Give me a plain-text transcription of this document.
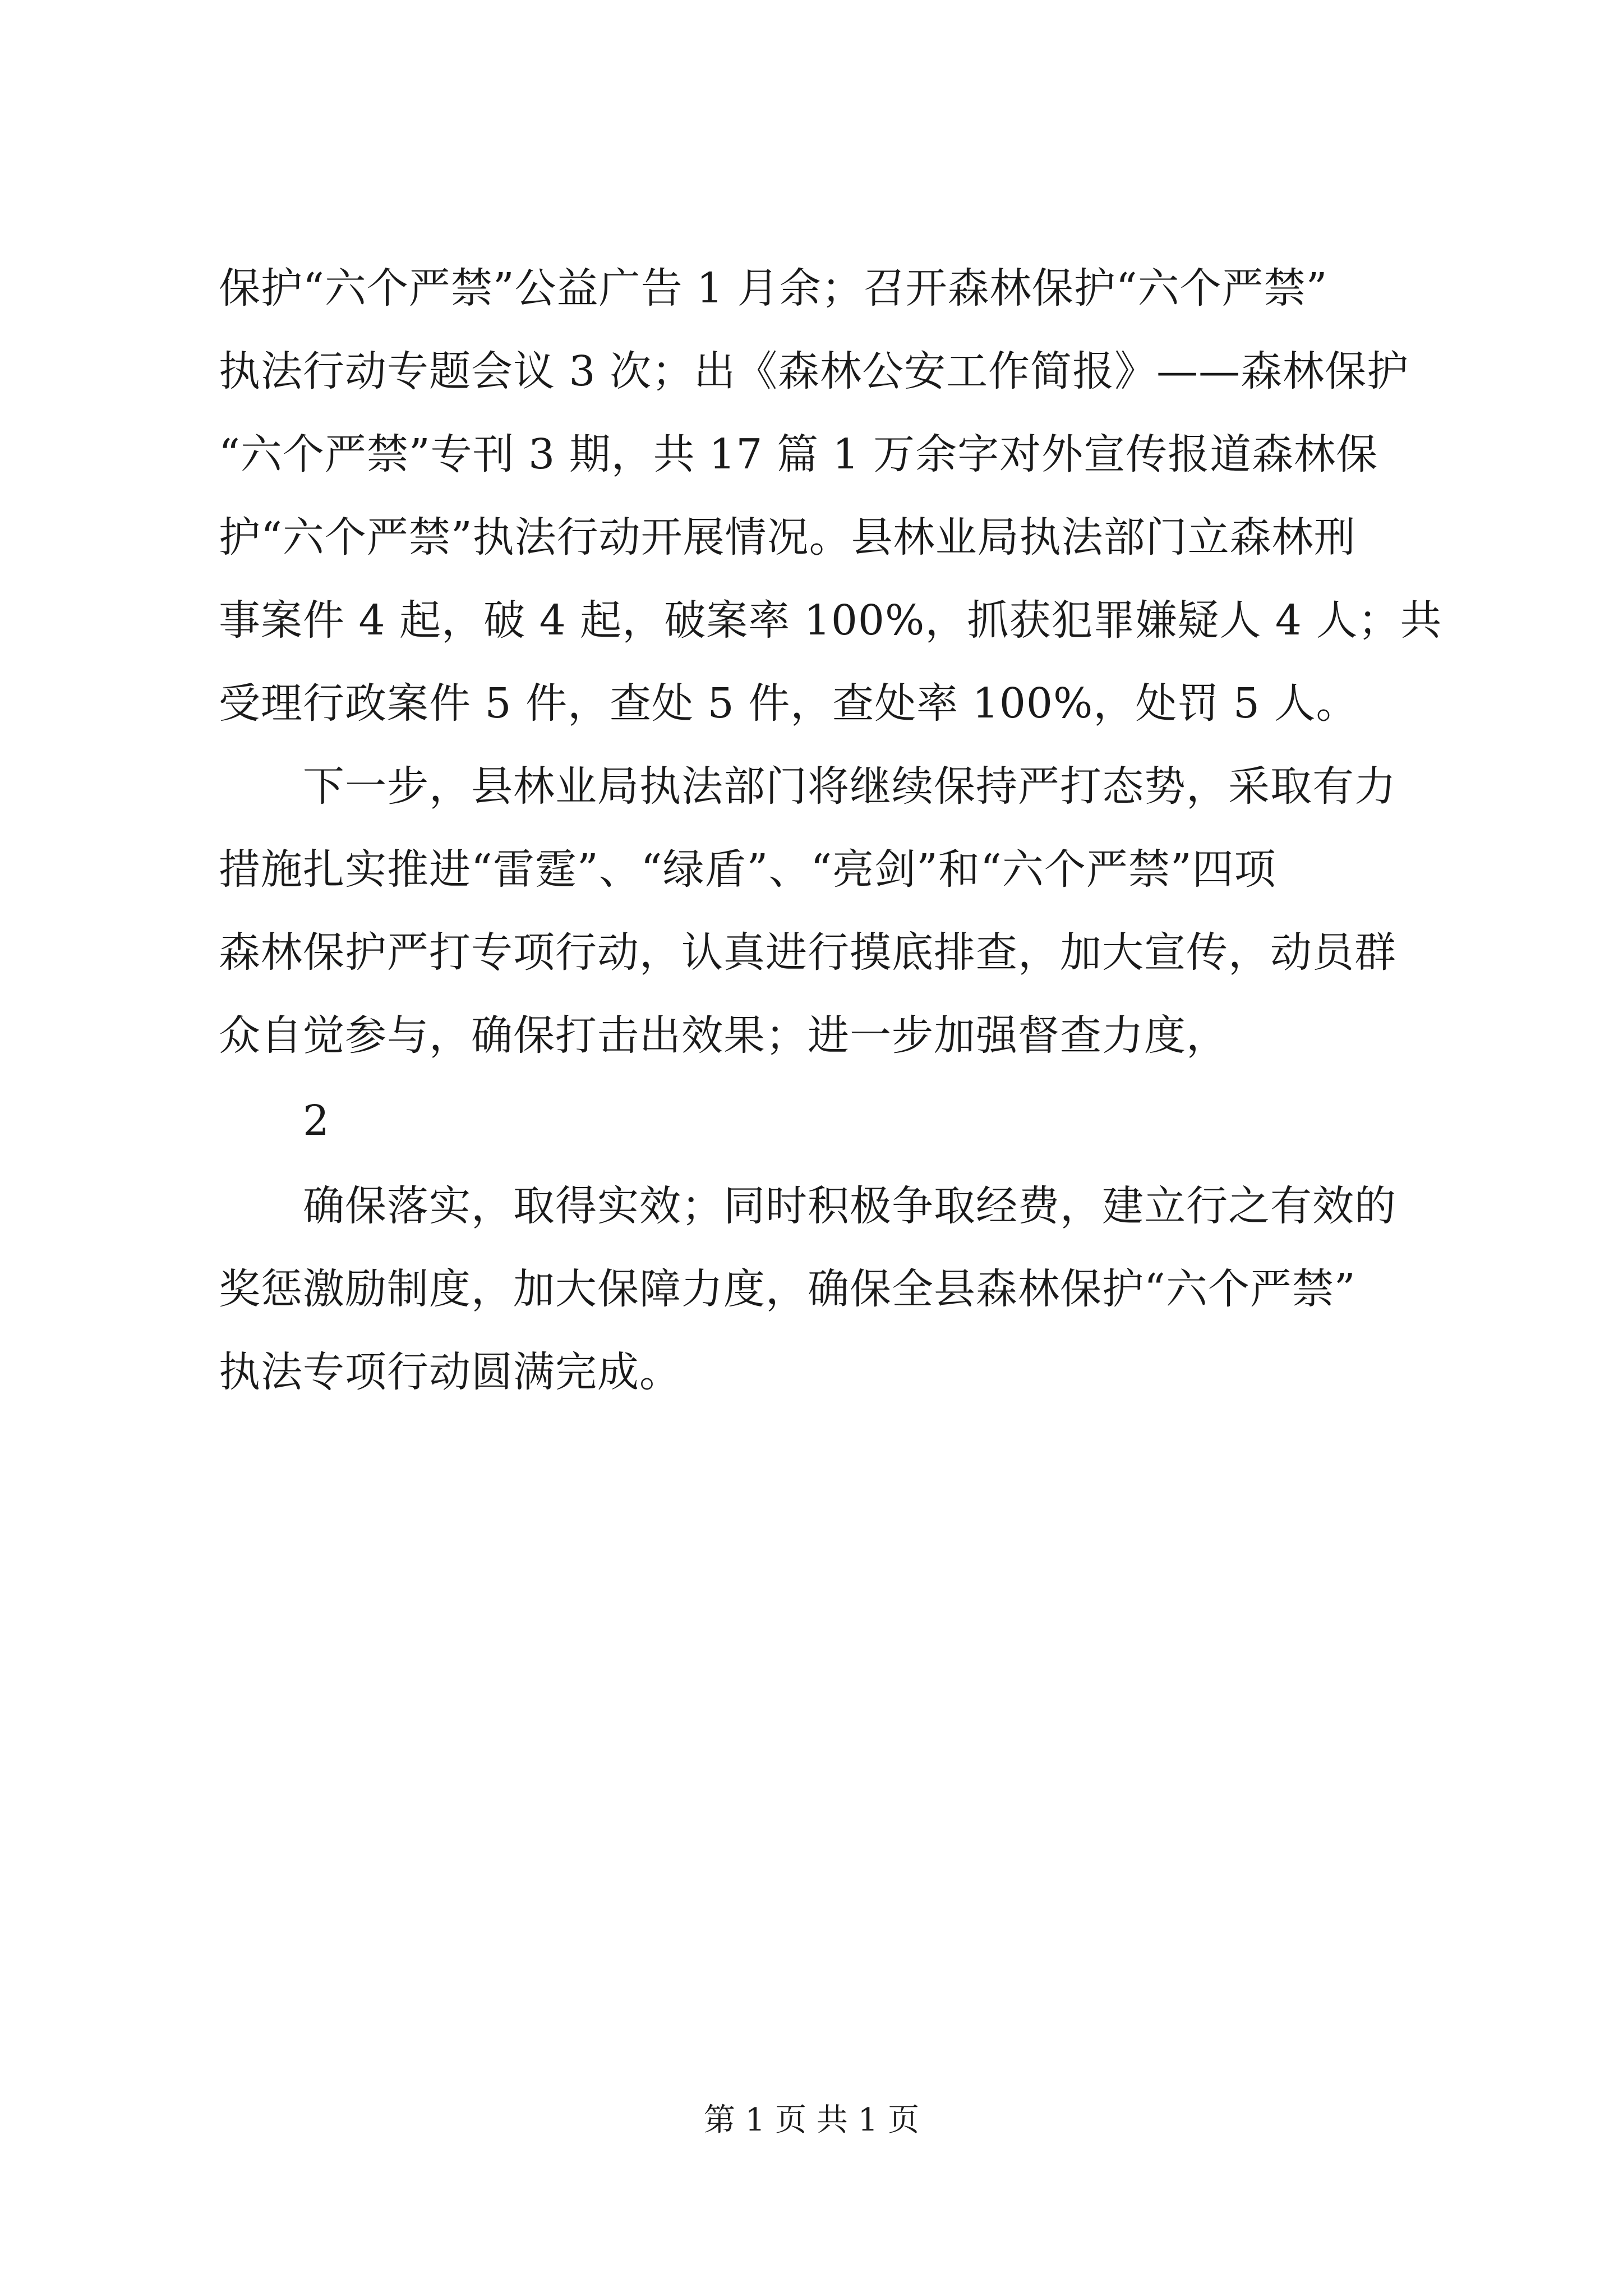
保护“六个严禁”公益广告 1 月余；召开森林保护“六个严禁”
执法行动专题会议 3 次；出《森林公安工作简报》——森林保护
“六个严禁”专刊 3 期，共 17 篇 1 万余字对外宣传报道森林保
护“六个严禁”执法行动开展情况。县林业局执法部门立森林刑
事案件 4 起，破 4 起，破案率 100%，抓获犯罪嫌疑人 4 人；共
受理行政案件 5 件，查处 5 件，查处率 100%，处罚 5 人。
下一步，县林业局执法部门将继续保持严打态势，采取有力
措施扎实推进“雷霆”、“绿盾”、“亮剑”和“六个严禁”四项
森林保护严打专项行动，认真进行摸底排查，加大宣传，动员群
众自觉参与，确保打击出效果；进一步加强督查力度，
2
确保落实，取得实效；同时积极争取经费，建立行之有效的
奖惩激励制度，加大保障力度，确保全县森林保护“六个严禁”
执法专项行动圆满完成。
第 1 页 共 1 页
